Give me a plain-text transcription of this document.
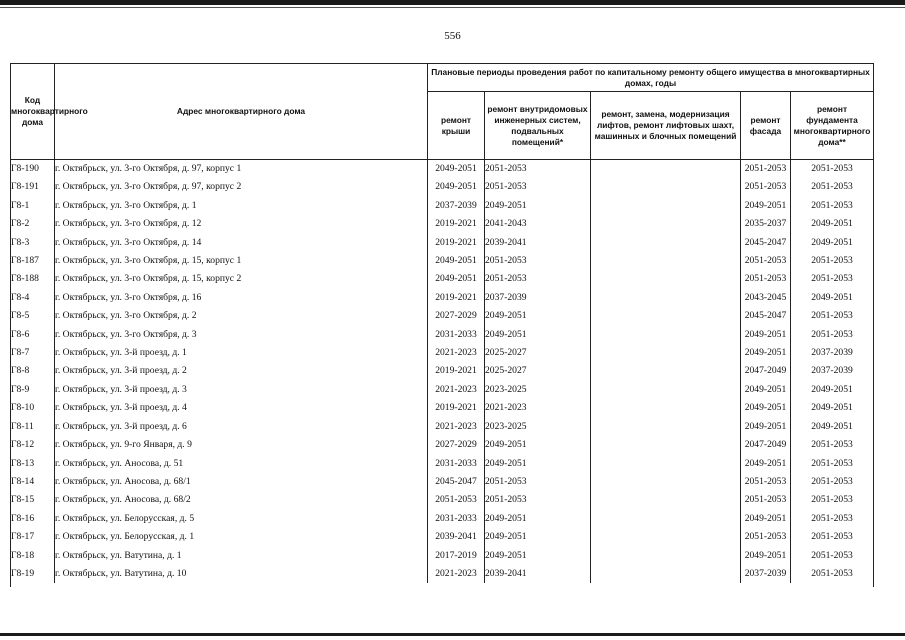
556
Код многоквартирного дома	Адрес многоквартирного дома	Плановые периоды проведения работ по капитальному ремонту общего имущества в многоквартирных домах, годы				
		ремонт крыши	ремонт внутридомовых инженерных систем, подвальных помещений*	ремонт, замена, модернизация лифтов, ремонт лифтовых шахт, машинных и блочных помещений	ремонт фасада	ремонт фундамента многоквартирного дома**
Г8-190	г. Октябрьск, ул. 3-го Октября, д. 97, корпус 1	2049-2051	2051-2053		2051-2053	2051-2053
Г8-191	г. Октябрьск, ул. 3-го Октября, д. 97, корпус 2	2049-2051	2051-2053		2051-2053	2051-2053
Г8-1	г. Октябрьск, ул. 3-го Октября, д. 1	2037-2039	2049-2051		2049-2051	2051-2053
Г8-2	г. Октябрьск, ул. 3-го Октября, д. 12	2019-2021	2041-2043		2035-2037	2049-2051
Г8-3	г. Октябрьск, ул. 3-го Октября, д. 14	2019-2021	2039-2041		2045-2047	2049-2051
Г8-187	г. Октябрьск, ул. 3-го Октября, д. 15, корпус 1	2049-2051	2051-2053		2051-2053	2051-2053
Г8-188	г. Октябрьск, ул. 3-го Октября, д. 15, корпус 2	2049-2051	2051-2053		2051-2053	2051-2053
Г8-4	г. Октябрьск, ул. 3-го Октября, д. 16	2019-2021	2037-2039		2043-2045	2049-2051
Г8-5	г. Октябрьск, ул. 3-го Октября, д. 2	2027-2029	2049-2051		2045-2047	2051-2053
Г8-6	г. Октябрьск, ул. 3-го Октября, д. 3	2031-2033	2049-2051		2049-2051	2051-2053
Г8-7	г. Октябрьск, ул. 3-й проезд, д. 1	2021-2023	2025-2027		2049-2051	2037-2039
Г8-8	г. Октябрьск, ул. 3-й проезд, д. 2	2019-2021	2025-2027		2047-2049	2037-2039
Г8-9	г. Октябрьск, ул. 3-й проезд, д. 3	2021-2023	2023-2025		2049-2051	2049-2051
Г8-10	г. Октябрьск, ул. 3-й проезд, д. 4	2019-2021	2021-2023		2049-2051	2049-2051
Г8-11	г. Октябрьск, ул. 3-й проезд, д. 6	2021-2023	2023-2025		2049-2051	2049-2051
Г8-12	г. Октябрьск, ул. 9-го Января, д. 9	2027-2029	2049-2051		2047-2049	2051-2053
Г8-13	г. Октябрьск, ул. Аносова, д. 51	2031-2033	2049-2051		2049-2051	2051-2053
Г8-14	г. Октябрьск, ул. Аносова, д. 68/1	2045-2047	2051-2053		2051-2053	2051-2053
Г8-15	г. Октябрьск, ул. Аносова, д. 68/2	2051-2053	2051-2053		2051-2053	2051-2053
Г8-16	г. Октябрьск, ул. Белорусская, д. 5	2031-2033	2049-2051		2049-2051	2051-2053
Г8-17	г. Октябрьск, ул. Белорусская, д. 1	2039-2041	2049-2051		2051-2053	2051-2053
Г8-18	г. Октябрьск, ул. Ватутина, д. 1	2017-2019	2049-2051		2049-2051	2051-2053
Г8-19	г. Октябрьск, ул. Ватутина, д. 10	2021-2023	2039-2041		2037-2039	2051-2053
